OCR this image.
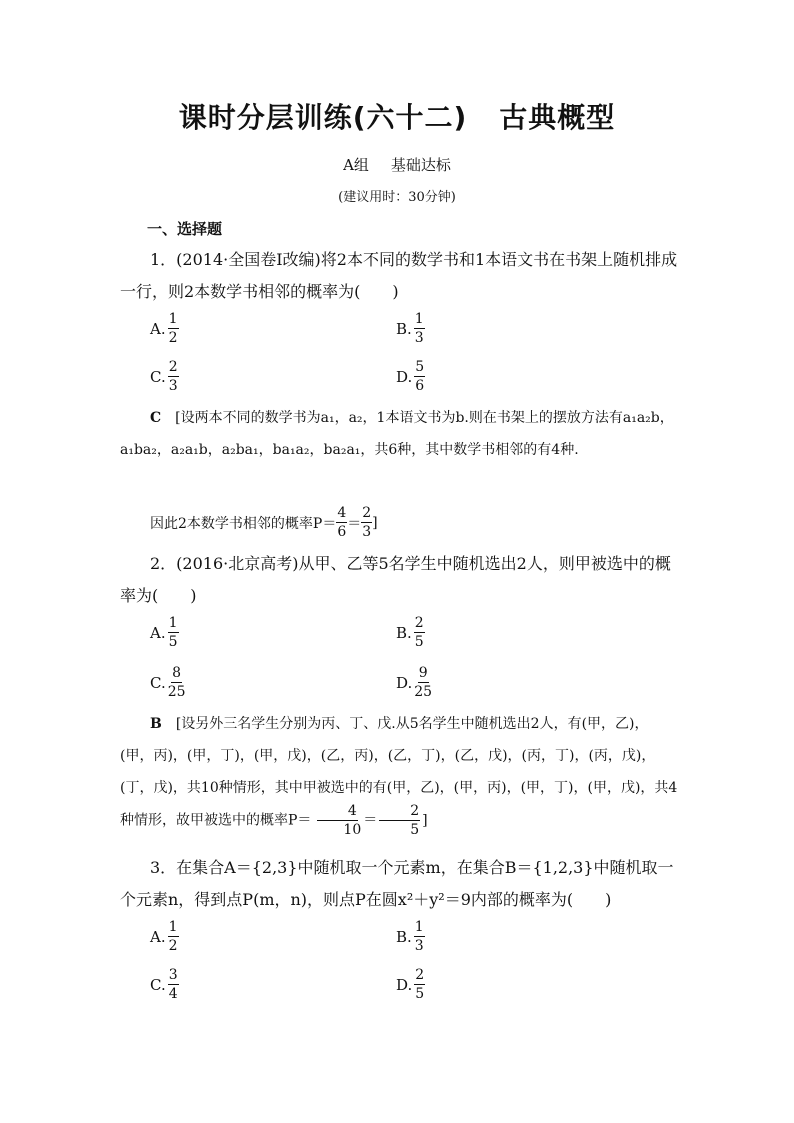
课时分层训练(六十二) 古典概型
A组 基础达标
(建议用时：30分钟)
一、选择题
1．(2014·全国卷Ⅰ改编)将2本不同的数学书和1本语文书在书架上随机排成一行，则2本数学书相邻的概率为(　　)
A. $\frac{1}{2}$	B. $\frac{1}{3}$
C. $\frac{2}{3}$	D. $\frac{5}{6}$
C　 [设两本不同的数学书为a₁，a₂，1本语文书为b.则在书架上的摆放方法有a₁a₂b，a₁ba₂，a₂a₁b，a₂ba₁，ba₁a₂，ba₂a₁，共6种，其中数学书相邻的有4种.
因此2本数学书相邻的概率$P= \frac{4}{6} = \frac{2}{3}$ ]
2．(2016·北京高考)从甲、乙等5名学生中随机选出2人，则甲被选中的概率为(　　)
A. $\frac{1}{5}$	B. $\frac{2}{5}$
C. $\frac{8}{25}$	D. $\frac{9}{25}$
B　 [设另外三名学生分别为丙、丁、戊.从5名学生中随机选出2人，有(甲，乙)，(甲，丙)，(甲，丁)，(甲，戊)，(乙，丙)，(乙，丁)，(乙，戊)，(丙，丁)，(丙，戊)，(丁，戊)，共10种情形，其中甲被选中的有(甲，乙)，(甲，丙)，(甲，丁)，(甲，戊)，共4种情形，故甲被选中的概率$P= \frac{4}{10} = \frac{2}{5}$ ]
3．在集合A＝{2,3}中随机取一个元素m，在集合B＝{1,2,3}中随机取一个元素n，得到点P(m，n)，则点P在圆x²＋y²＝9内部的概率为(　　)
A. $\frac{1}{2}$	B. $\frac{1}{3}$
C. $\frac{3}{4}$	D. $\frac{2}{5}$
